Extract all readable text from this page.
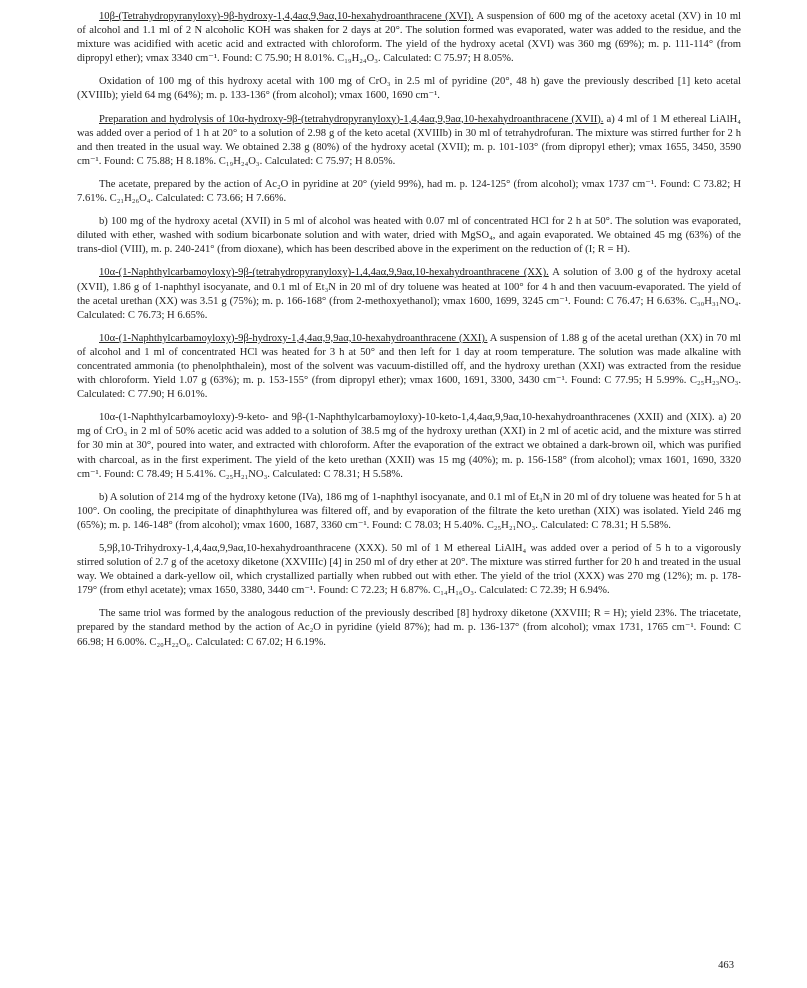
10β-(Tetrahydropyranyloxy)-9β-hydroxy-1,4,4aα,9,9aα,10-hexahydroanthracene (XVI). A suspension of 600 mg of the acetoxy acetal (XV) in 10 ml of alcohol and 1.1 ml of 2 N alcoholic KOH was shaken for 2 days at 20°. The solution formed was evaporated, water was added to the residue, and the mixture was acidified with acetic acid and extracted with chloroform. The yield of the hydroxy acetal (XVI) was 360 mg (69%); m. p. 111-114° (from dipropyl ether); νmax 3340 cm⁻¹. Found: C 75.90; H 8.01%. C₁₉H₂₄O₃. Calculated: C 75.97; H 8.05%.

Oxidation of 100 mg of this hydroxy acetal with 100 mg of CrO₃ in 2.5 ml of pyridine (20°, 48 h) gave the previously described [1] keto acetal (XVIIIb); yield 64 mg (64%); m. p. 133-136° (from alcohol); νmax 1600, 1690 cm⁻¹.

Preparation and hydrolysis of 10α-hydroxy-9β-(tetrahydropyranyloxy)-1,4,4aα,9,9aα,10-hexahydroanthracene (XVII). a) 4 ml of 1 M ethereal LiAlH₄ was added over a period of 1 h at 20° to a solution of 2.98 g of the keto acetal (XVIIIb) in 30 ml of tetrahydrofuran. The mixture was stirred further for 2 h and then treated in the usual way. We obtained 2.38 g (80%) of the hydroxy acetal (XVII); m. p. 101-103° (from dipropyl ether); νmax 1655, 3450, 3590 cm⁻¹. Found: C 75.88; H 8.18%. C₁₉H₂₄O₃. Calculated: C 75.97; H 8.05%.

The acetate, prepared by the action of Ac₂O in pyridine at 20° (yield 99%), had m. p. 124-125° (from alcohol); νmax 1737 cm⁻¹. Found: C 73.82; H 7.61%. C₂₁H₂₆O₄. Calculated: C 73.66; H 7.66%.

b) 100 mg of the hydroxy acetal (XVII) in 5 ml of alcohol was heated with 0.07 ml of concentrated HCl for 2 h at 50°. The solution was evaporated, diluted with ether, washed with sodium bicarbonate solution and with water, dried with MgSO₄, and again evaporated. We obtained 45 mg (63%) of the trans-diol (VIII), m. p. 240-241° (from dioxane), which has been described above in the experiment on the reduction of (I; R = H).

10α-(1-Naphthylcarbamoyloxy)-9β-(tetrahydropyranyloxy)-1,4,4aα,9,9aα,10-hexahydroanthracene (XX). A solution of 3.00 g of the hydroxy acetal (XVII), 1.86 g of 1-naphthyl isocyanate, and 0.1 ml of Et₃N in 20 ml of dry toluene was heated at 100° for 4 h and then vacuum-evaporated. The yield of the acetal urethan (XX) was 3.51 g (75%); m. p. 166-168° (from 2-methoxyethanol); νmax 1600, 1699, 3245 cm⁻¹. Found: C 76.47; H 6.63%. C₃₀H₃₁NO₄. Calculated: C 76.73; H 6.65%.

10α-(1-Naphthylcarbamoyloxy)-9β-hydroxy-1,4,4aα,9,9aα,10-hexahydroanthracene (XXI). A suspension of 1.88 g of the acetal urethan (XX) in 70 ml of alcohol and 1 ml of concentrated HCl was heated for 3 h at 50° and then left for 1 day at room temperature. The solution was made alkaline with concentrated ammonia (to phenolphthalein), most of the solvent was vacuum-distilled off, and the hydroxy urethan (XXI) was extracted from the residue with chloroform. Yield 1.07 g (63%); m. p. 153-155° (from dipropyl ether); νmax 1600, 1691, 3300, 3430 cm⁻¹. Found: C 77.95; H 5.99%. C₂₅H₂₃NO₃. Calculated: C 77.90; H 6.01%.

10α-(1-Naphthylcarbamoyloxy)-9-keto- and 9β-(1-Naphthylcarbamoyloxy)-10-keto-1,4,4aα,9,9aα,10-hexahydroanthracenes (XXII) and (XIX). a) 20 mg of CrO₃ in 2 ml of 50% acetic acid was added to a solution of 38.5 mg of the hydroxy urethan (XXI) in 2 ml of acetic acid, and the mixture was stirred for 30 min at 30°, poured into water, and extracted with chloroform. After the evaporation of the extract we obtained a dark-brown oil, which was purified with charcoal, as in the first experiment. The yield of the keto urethan (XXII) was 15 mg (40%); m. p. 156-158° (from alcohol); νmax 1601, 1690, 3320 cm⁻¹. Found: C 78.49; H 5.41%. C₂₅H₂₁NO₃. Calculated: C 78.31; H 5.58%.

b) A solution of 214 mg of the hydroxy ketone (IVa), 186 mg of 1-naphthyl isocyanate, and 0.1 ml of Et₃N in 20 ml of dry toluene was heated for 5 h at 100°. On cooling, the precipitate of dinaphthylurea was filtered off, and by evaporation of the filtrate the keto urethan (XIX) was isolated. Yield 246 mg (65%); m. p. 146-148° (from alcohol); νmax 1600, 1687, 3360 cm⁻¹. Found: C 78.03; H 5.40%. C₂₅H₂₁NO₃. Calculated: C 78.31; H 5.58%.

5,9β,10-Trihydroxy-1,4,4aα,9,9aα,10-hexahydroanthracene (XXX). 50 ml of 1 M ethereal LiAlH₄ was added over a period of 5 h to a vigorously stirred solution of 2.7 g of the acetoxy diketone (XXVIIIc) [4] in 250 ml of dry ether at 20°. The mixture was stirred further for 20 h and treated in the usual way. We obtained a dark-yellow oil, which crystallized partially when rubbed out with ether. The yield of the triol (XXX) was 270 mg (12%); m. p. 178-179° (from ethyl acetate); νmax 1650, 3380, 3440 cm⁻¹. Found: C 72.23; H 6.87%. C₁₄H₁₆O₃. Calculated: C 72.39; H 6.94%.

The same triol was formed by the analogous reduction of the previously described [8] hydroxy diketone (XXVIII; R = H); yield 23%. The triacetate, prepared by the standard method by the action of Ac₂O in pyridine (yield 87%); had m. p. 136-137° (from alcohol); νmax 1731, 1765 cm⁻¹. Found: C 66.98; H 6.00%. C₂₀H₂₂O₆. Calculated: C 67.02; H 6.19%.

463
